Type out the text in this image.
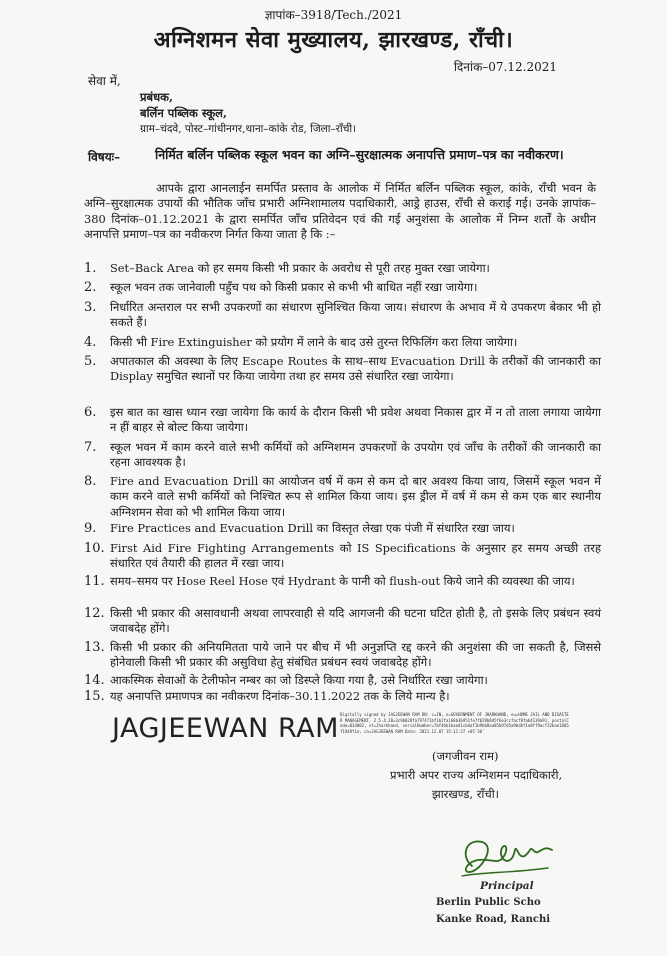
ज्ञापांक–3918/Tech./2021
अग्निशमन सेवा मुख्यालय, झारखण्ड, राँची।
दिनांक–07.12.2021
सेवा में,
प्रबंधक,
बर्लिन पब्लिक स्कूल,
ग्राम–चंदवे, पोस्ट–गांधीनगर,थाना–कांके रोड, जिला–राँची।
विषयः–	निर्मित बर्लिन पब्लिक स्कूल भवन का अग्नि–सुरक्षात्मक अनापत्ति प्रमाण–पत्र का नवीकरण।
आपके द्वारा आनलाईन समर्पित प्रस्ताव के आलोक में निर्मित बर्लिन पब्लिक स्कूल, कांके, राँची भवन के अग्नि–सुरक्षात्मक उपायों की भौतिक जाँच प्रभारी अग्निशामालय पदाधिकारी, आड्रे हाउस, राँची से कराई गई। उनके ज्ञापांक–380 दिनांक–01.12.2021 के द्वारा समर्पित जाँच प्रतिवेदन एवं की गई अनुशंसा के आलोक में निम्न शर्तों के अधीन अनापत्ति प्रमाण–पत्र का नवीकरण निर्गत किया जाता है कि :–
1.	Set–Back Area को हर समय किसी भी प्रकार के अवरोध से पूरी तरह मुक्त रखा जायेगा।
2.	स्कूल भवन तक जानेवाली पहुँच पथ को किसी प्रकार से कभी भी बाधित नहीं रखा जायेगा।
3.	निर्धारित अन्तराल पर सभी उपकरणों का संधारण सुनिश्चित किया जाय। संधारण के अभाव में ये उपकरण बेकार भी हो सकते हैं।
4.	किसी भी Fire Extinguisher को प्रयोग में लाने के बाद उसे तुरन्त रिफिलिंग करा लिया जायेगा।
5.	अपातकाल की अवस्था के लिए Escape Routes के साथ–साथ Evacuation Drill के तरीकों की जानकारी का Display समुचित स्थानों पर किया जायेगा तथा हर समय उसे संधारित रखा जायेगा।
6.	इस बात का खास ध्यान रखा जायेगा कि कार्य के दौरान किसी भी प्रवेश अथवा निकास द्वार में न तो ताला लगाया जायेगा न हीं बाहर से बोल्ट किया जायेगा।
7.	स्कूल भवन में काम करने वाले सभी कर्मियों को अग्निशमन उपकरणों के उपयोग एवं जाँच के तरीकों की जानकारी का रहना आवश्यक है।
8.	Fire and Evacuation Drill का आयोजन वर्ष में कम से कम दो बार अवश्य किया जाय, जिसमें स्कूल भवन में काम करने वाले सभी कर्मियों को निश्चित रूप से शामिल किया जाय। इस ड्रील में वर्ष में कम से कम एक बार स्थानीय अग्निशमन सेवा को भी शामिल किया जाय।
9.	Fire Practices and Evacuation Drill का विस्तृत लेखा एक पंजी में संधारित रखा जाय।
10. First Aid Fire Fighting Arrangements को IS Specifications के अनुसार हर समय अच्छी तरह संधारित एवं तैयारी की हालत में रखा जाय।
11. समय–समय पर Hose Reel Hose एवं Hydrant के पानी को flush-out किये जाने की व्यवस्था की जाय।
12. किसी भी प्रकार की असावधानी अथवा लापरवाही से यदि आगजनी की घटना घटित होती है, तो इसके लिए प्रबंधन स्वयं जवाबदेह होंगे।
13. किसी भी प्रकार की अनियमितता पाये जाने पर बीच में भी अनुज्ञप्ति रद्द करने की अनुशंसा की जा सकती है, जिससे होनेवाली किसी भी प्रकार की असुविधा हेतु संबंधित प्रबंधन स्वयं जवाबदेह होंगे।
14. आकस्मिक सेवाओं के टेलीफोन नम्बर का जो डिस्प्ले किया गया है, उसे निर्धारित रखा जायेगा।
15. यह अनापत्ति प्रमाणपत्र का नवीकरण दिनांक–30.11.2022 तक के लिये मान्य है।
JAGJEEWAN RAM Digitally signed by JAGJEEWAN RAM DN: c=IN, o=GOVERNMENT OF JHARKHAND, ou=HOME JAIL AND DISASTER MANAGEMENT, 2.5.4.20=3c9b028fa797471bf1b2fa160b3b951fe7f829b8d5f6e3ccfacf8fab4139a91, postalCode=834002, st=Jharkhand, serialNumber=7bf4bb1baad1cbdaf1b9bb8aa85b97d5a9bdbf1e8ff9acf32bae1805f1948f1e, cn=JAGJEEWAN RAM Date: 2021.12.07 15:11:37 +05'30'
(जगजीवन राम)
प्रभारी अपर राज्य अग्निशमन पदाधिकारी,
झारखण्ड, राँची।
Principal
Berlin Public Scho
Kanke Road, Ranchi
